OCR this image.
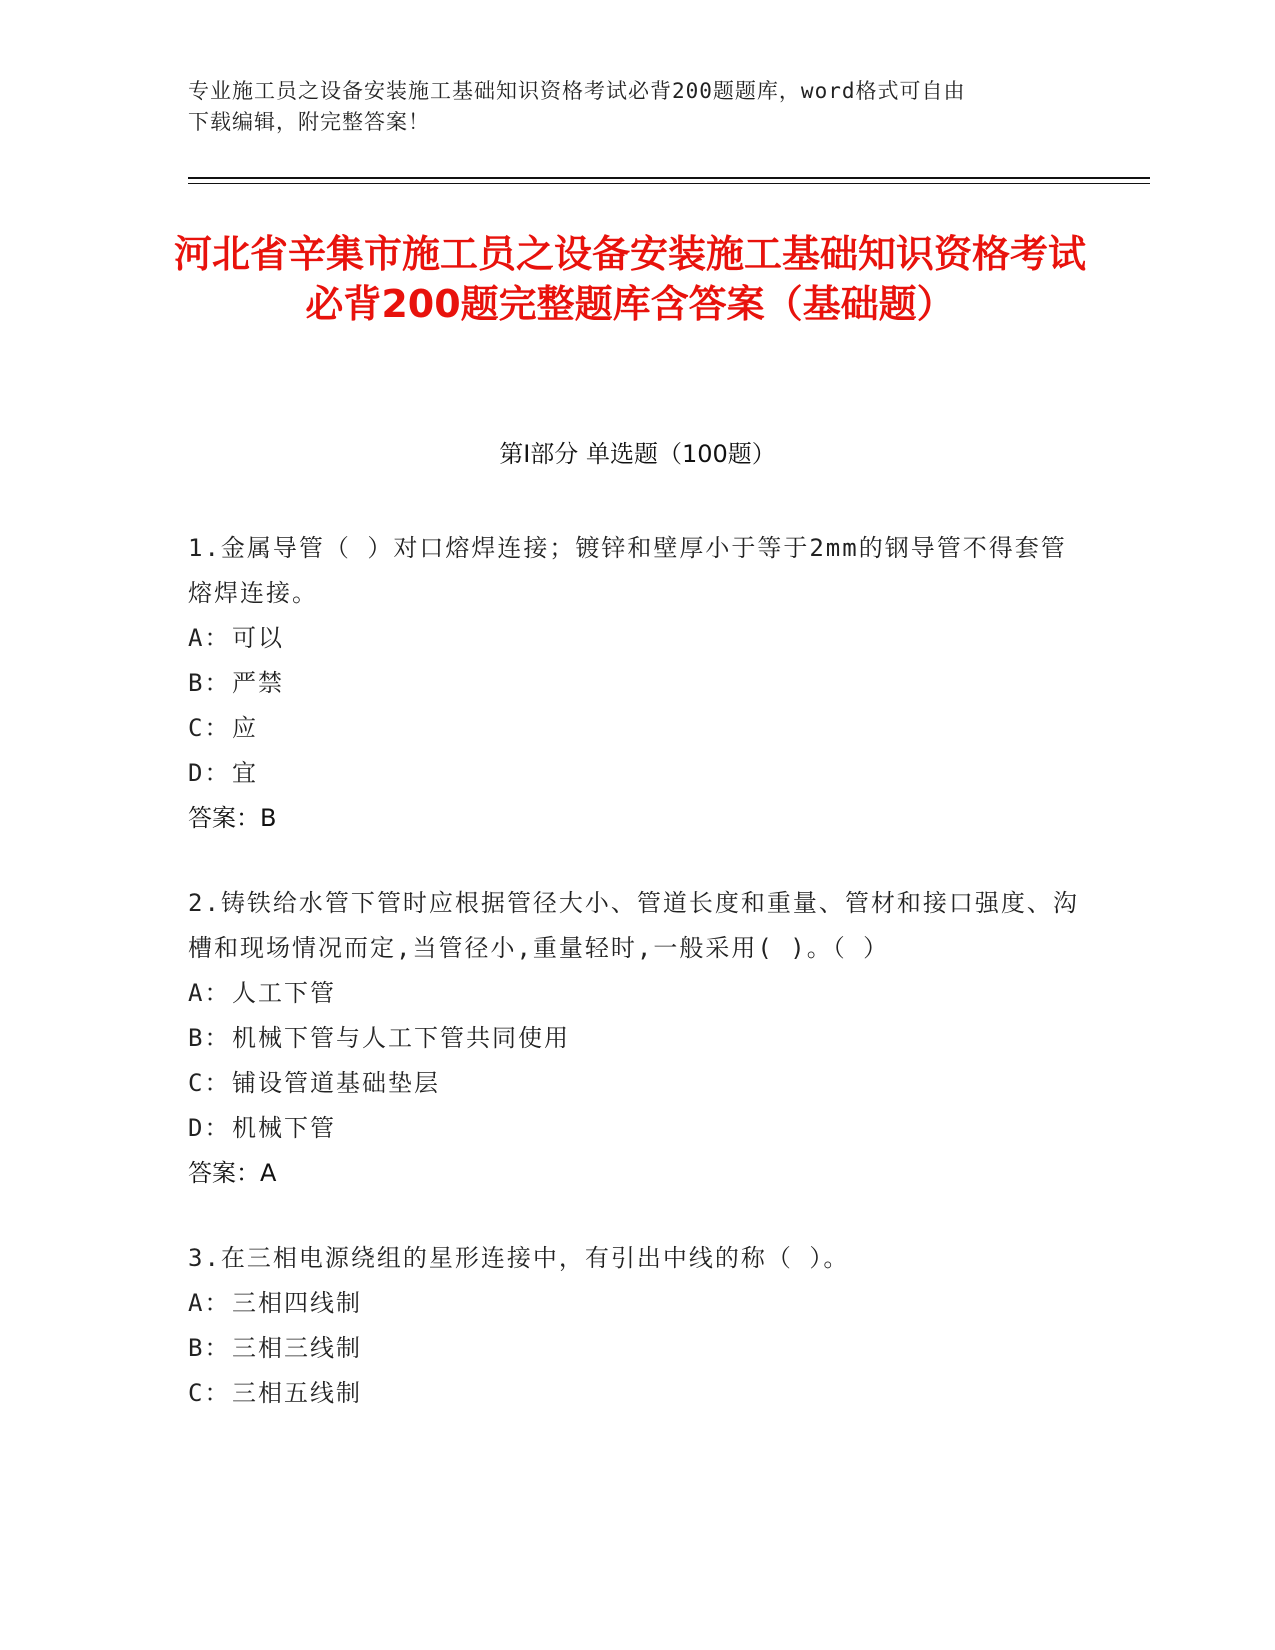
专业施工员之设备安装施工基础知识资格考试必背200题题库，word格式可自由
下载编辑，附完整答案！
河北省辛集市施工员之设备安装施工基础知识资格考试必背200题完整题库含答案（基础题）
第Ⅰ部分 单选题（100题）
1.金属导管（ ）对口熔焊连接；镀锌和壁厚小于等于2mm的钢导管不得套管熔焊连接。
A： 可以
B： 严禁
C： 应
D： 宜
答案：B
2.铸铁给水管下管时应根据管径大小、管道长度和重量、管材和接口强度、沟槽和现场情况而定,当管径小,重量轻时,一般采用( )。（ ）
A： 人工下管
B： 机械下管与人工下管共同使用
C： 铺设管道基础垫层
D： 机械下管
答案：A
3.在三相电源绕组的星形连接中，有引出中线的称（ ）。
A： 三相四线制
B： 三相三线制
C： 三相五线制
